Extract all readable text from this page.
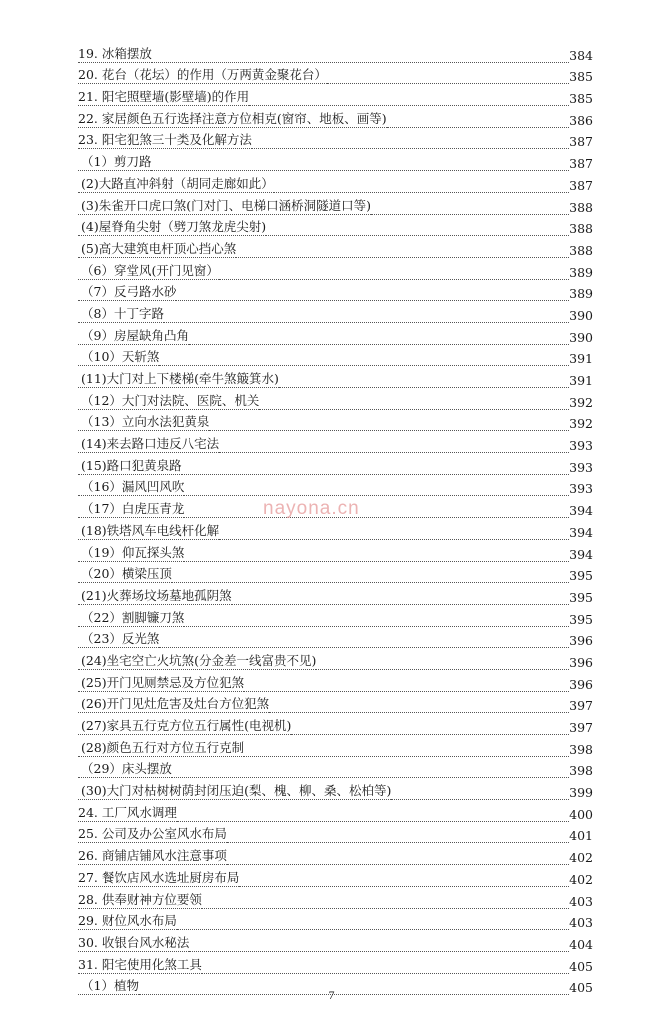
19. 冰箱摆放	384
20. 花台（花坛）的作用（万两黄金聚花台）	385
21. 阳宅照壁墙(影壁墙)的作用	385
22. 家居颜色五行选择注意方位相克(窗帘、地板、画等)	386
23. 阳宅犯煞三十类及化解方法	387
（1）剪刀路	387
(2)大路直冲斜射（胡同走廊如此）	387
(3)朱雀开口虎口煞(门对门、电梯口涵桥洞隧道口等)	388
(4)屋脊角尖射（劈刀煞龙虎尖射)	388
(5)高大建筑电杆顶心挡心煞	388
（6）穿堂风(开门见窗）	389
（7）反弓路水砂	389
（8）十丁字路	390
（9）房屋缺角凸角	390
（10）天斩煞	391
(11)大门对上下楼梯(牵牛煞簸箕水)	391
（12）大门对法院、医院、机关	392
（13）立向水法犯黄泉	392
(14)来去路口违反八宅法	393
(15)路口犯黄泉路	393
（16）漏风凹风吹	393
（17）白虎压青龙	394
(18)铁塔风车电线杆化解	394
（19）仰瓦探头煞	394
（20）横梁压顶	395
(21)火葬场坟场墓地孤阴煞	395
（22）割脚镰刀煞	395
（23）反光煞	396
(24)坐宅空亡火坑煞(分金差一线富贵不见)	396
(25)开门见厕禁忌及方位犯煞	396
(26)开门见灶危害及灶台方位犯煞	397
(27)家具五行克方位五行属性(电视机)	397
(28)颜色五行对方位五行克制	398
（29）床头摆放	398
(30)大门对枯树树荫封闭压迫(梨、槐、柳、桑、松柏等)	399
24. 工厂风水调理	400
25. 公司及办公室风水布局	401
26. 商铺店铺风水注意事项	402
27. 餐饮店风水选址厨房布局	402
28. 供奉财神方位要领	403
29. 财位风水布局	403
30. 收银台风水秘法	404
31. 阳宅使用化煞工具	405
（1）植物	405
nayona.cn
7
